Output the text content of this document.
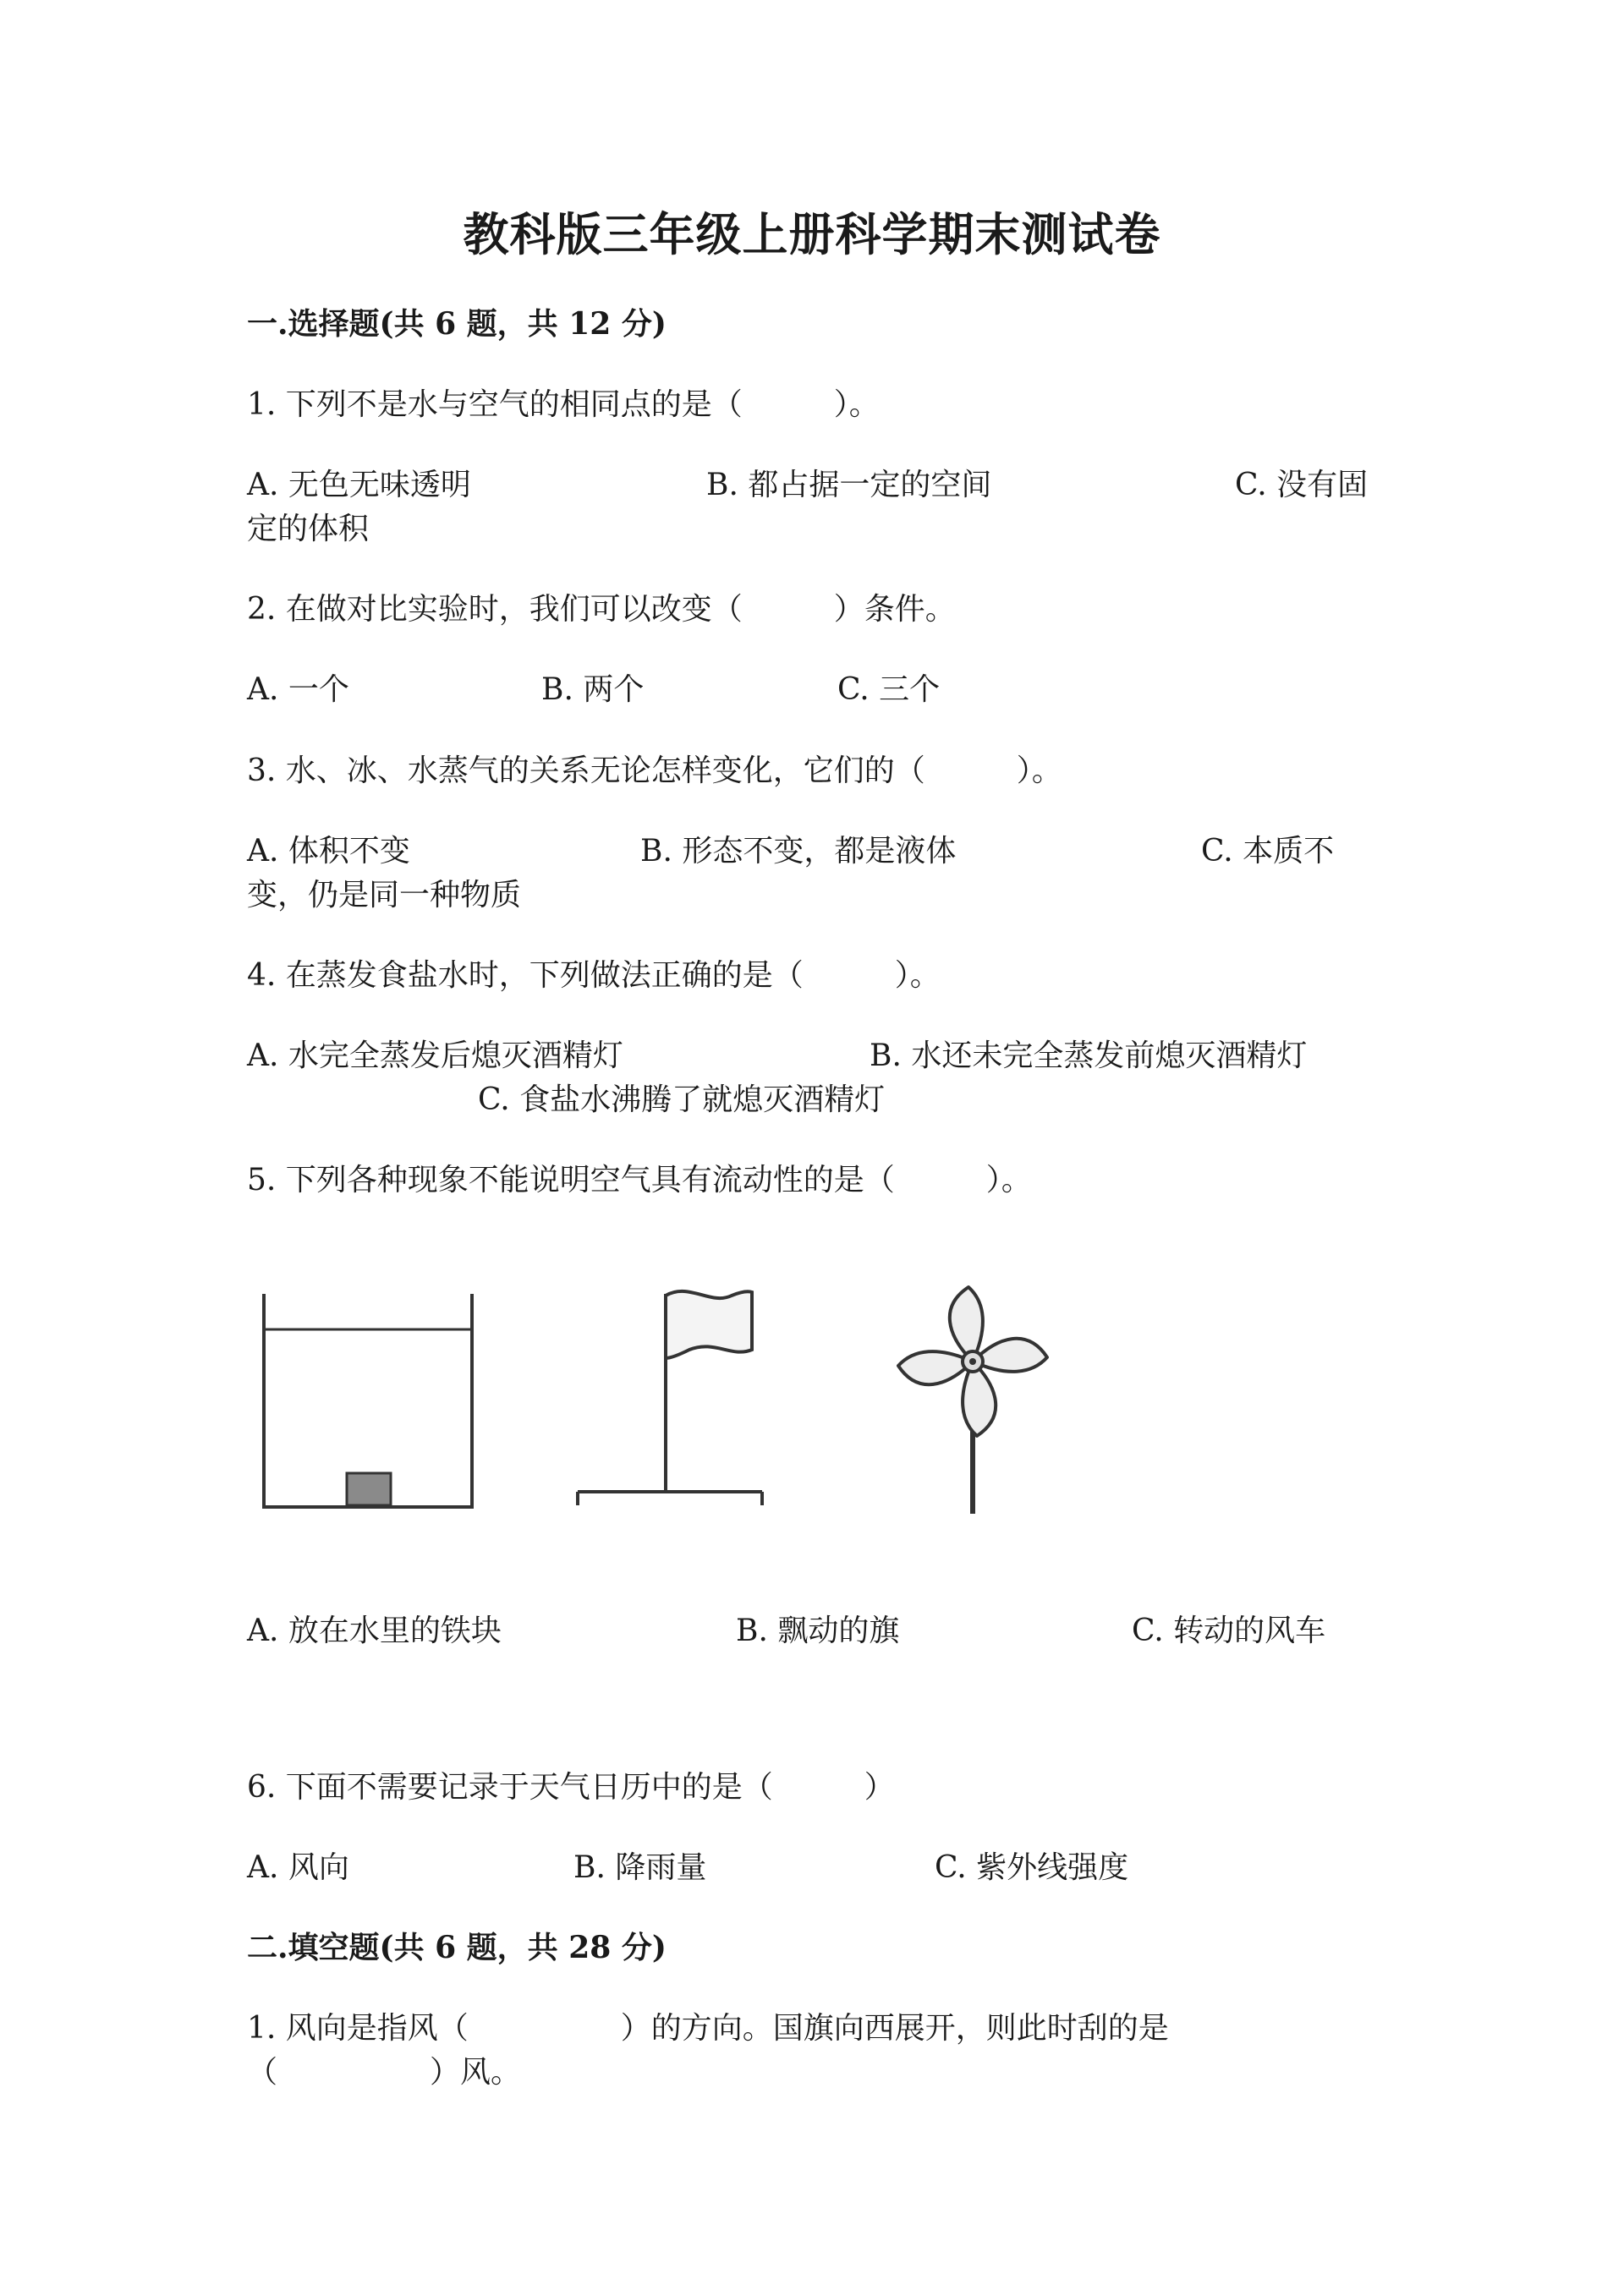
教科版三年级上册科学期末测试卷
一.选择题(共 6 题，共 12 分)
1. 下列不是水与空气的相同点的是（　　　）。
A. 无色无味透明	B. 都占据一定的空间	C. 没有固
定的体积
2. 在做对比实验时，我们可以改变（　　　）条件。
A. 一个	B. 两个	C. 三个
3. 水、冰、水蒸气的关系无论怎样变化，它们的（　　　）。
A. 体积不变	B. 形态不变，都是液体	C. 本质不
变，仍是同一种物质
4. 在蒸发食盐水时，下列做法正确的是（　　　）。
A. 水完全蒸发后熄灭酒精灯	B. 水还未完全蒸发前熄灭酒精灯
C. 食盐水沸腾了就熄灭酒精灯
5. 下列各种现象不能说明空气具有流动性的是（　　　）。
A. 放在水里的铁块	B. 飘动的旗	C. 转动的风车
6. 下面不需要记录于天气日历中的是（　　　）
A. 风向	B. 降雨量	C. 紫外线强度
二.填空题(共 6 题，共 28 分)
1. 风向是指风（　　　　　）的方向。国旗向西展开，则此时刮的是
（　　　　　）风。
